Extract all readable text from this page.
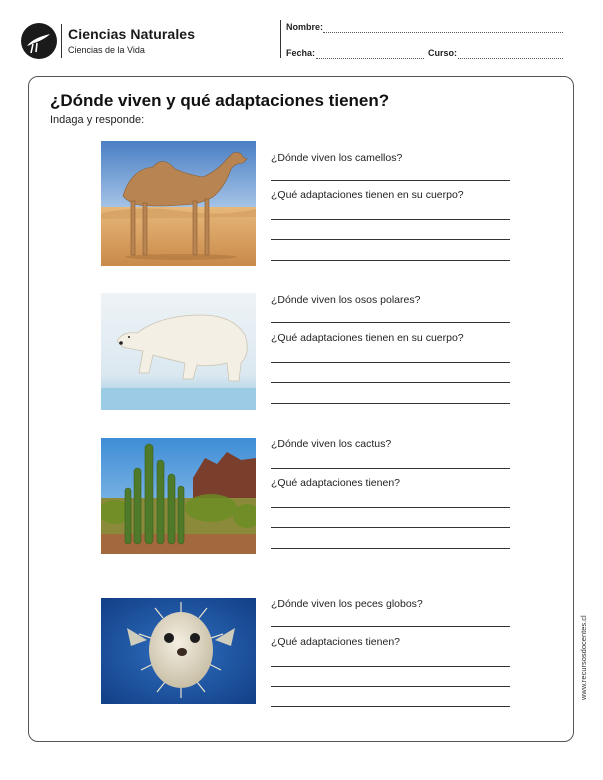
Ciencias Naturales
Ciencias de la Vida
Nombre:
Fecha:	Curso:
¿Dónde viven y qué adaptaciones tienen?
Indaga y responde:
¿Dónde viven los camellos?
¿Qué adaptaciones tienen en su cuerpo?
¿Dónde viven los osos polares?
¿Qué adaptaciones tienen en su cuerpo?
¿Dónde viven los cactus?
¿Qué adaptaciones tienen?
¿Dónde viven los peces globos?
¿Qué adaptaciones tienen?	www.recursosdocentes.cl
